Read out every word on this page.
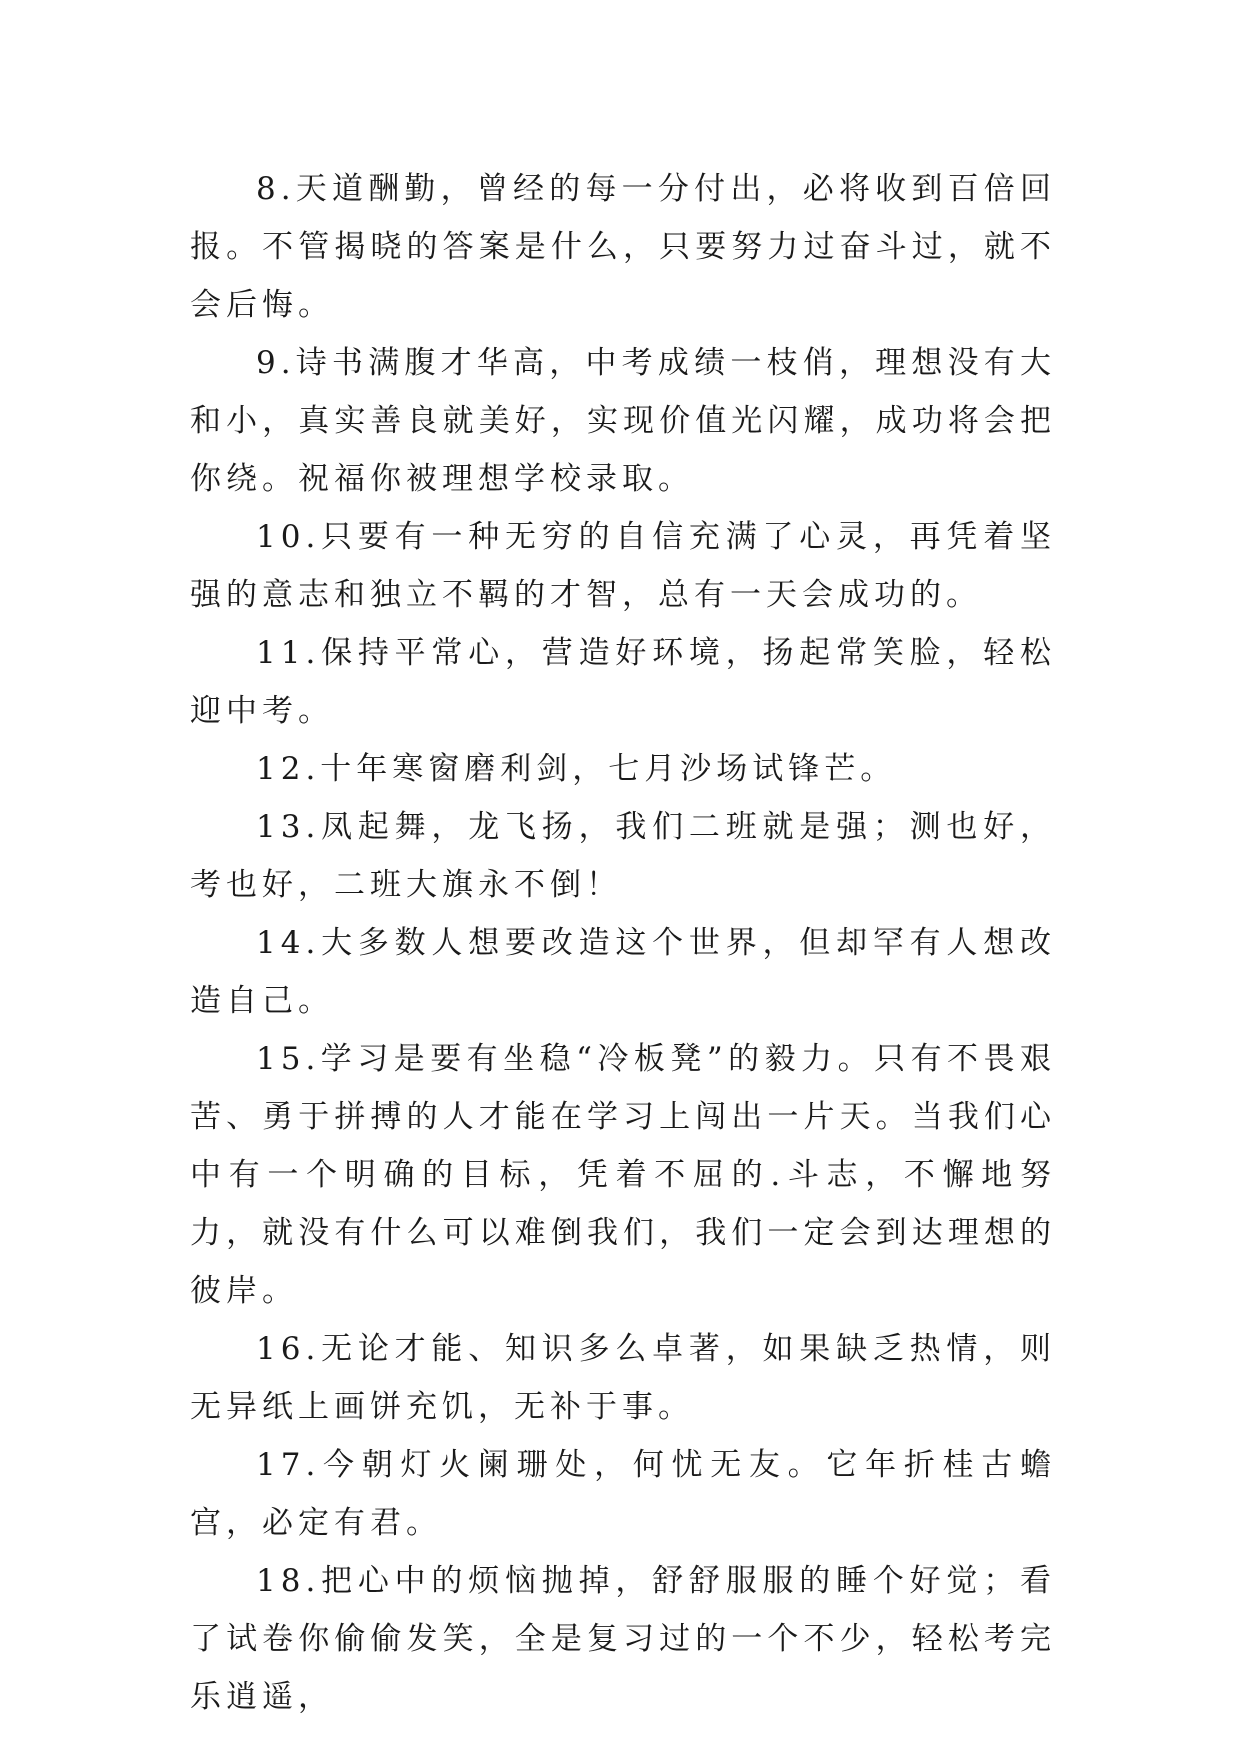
8.天道酬勤，曾经的每一分付出，必将收到百倍回报。不管揭晓的答案是什么，只要努力过奋斗过，就不会后悔。

9.诗书满腹才华高，中考成绩一枝俏，理想没有大和小，真实善良就美好，实现价值光闪耀，成功将会把你绕。祝福你被理想学校录取。

10.只要有一种无穷的自信充满了心灵，再凭着坚强的意志和独立不羁的才智，总有一天会成功的。

11.保持平常心，营造好环境，扬起常笑脸，轻松迎中考。

12.十年寒窗磨利剑，七月沙场试锋芒。

13.凤起舞，龙飞扬，我们二班就是强；测也好，考也好，二班大旗永不倒！

14.大多数人想要改造这个世界，但却罕有人想改造自己。

15.学习是要有坐稳“冷板凳”的毅力。只有不畏艰苦、勇于拼搏的人才能在学习上闯出一片天。当我们心中有一个明确的目标，凭着不屈的.斗志，不懈地努力，就没有什么可以难倒我们，我们一定会到达理想的彼岸。

16.无论才能、知识多么卓著，如果缺乏热情，则无异纸上画饼充饥，无补于事。

17.今朝灯火阑珊处，何忧无友。它年折桂古蟾宫，必定有君。

18.把心中的烦恼抛掉，舒舒服服的睡个好觉；看了试卷你偷偷发笑，全是复习过的一个不少，轻松考完乐逍遥，
